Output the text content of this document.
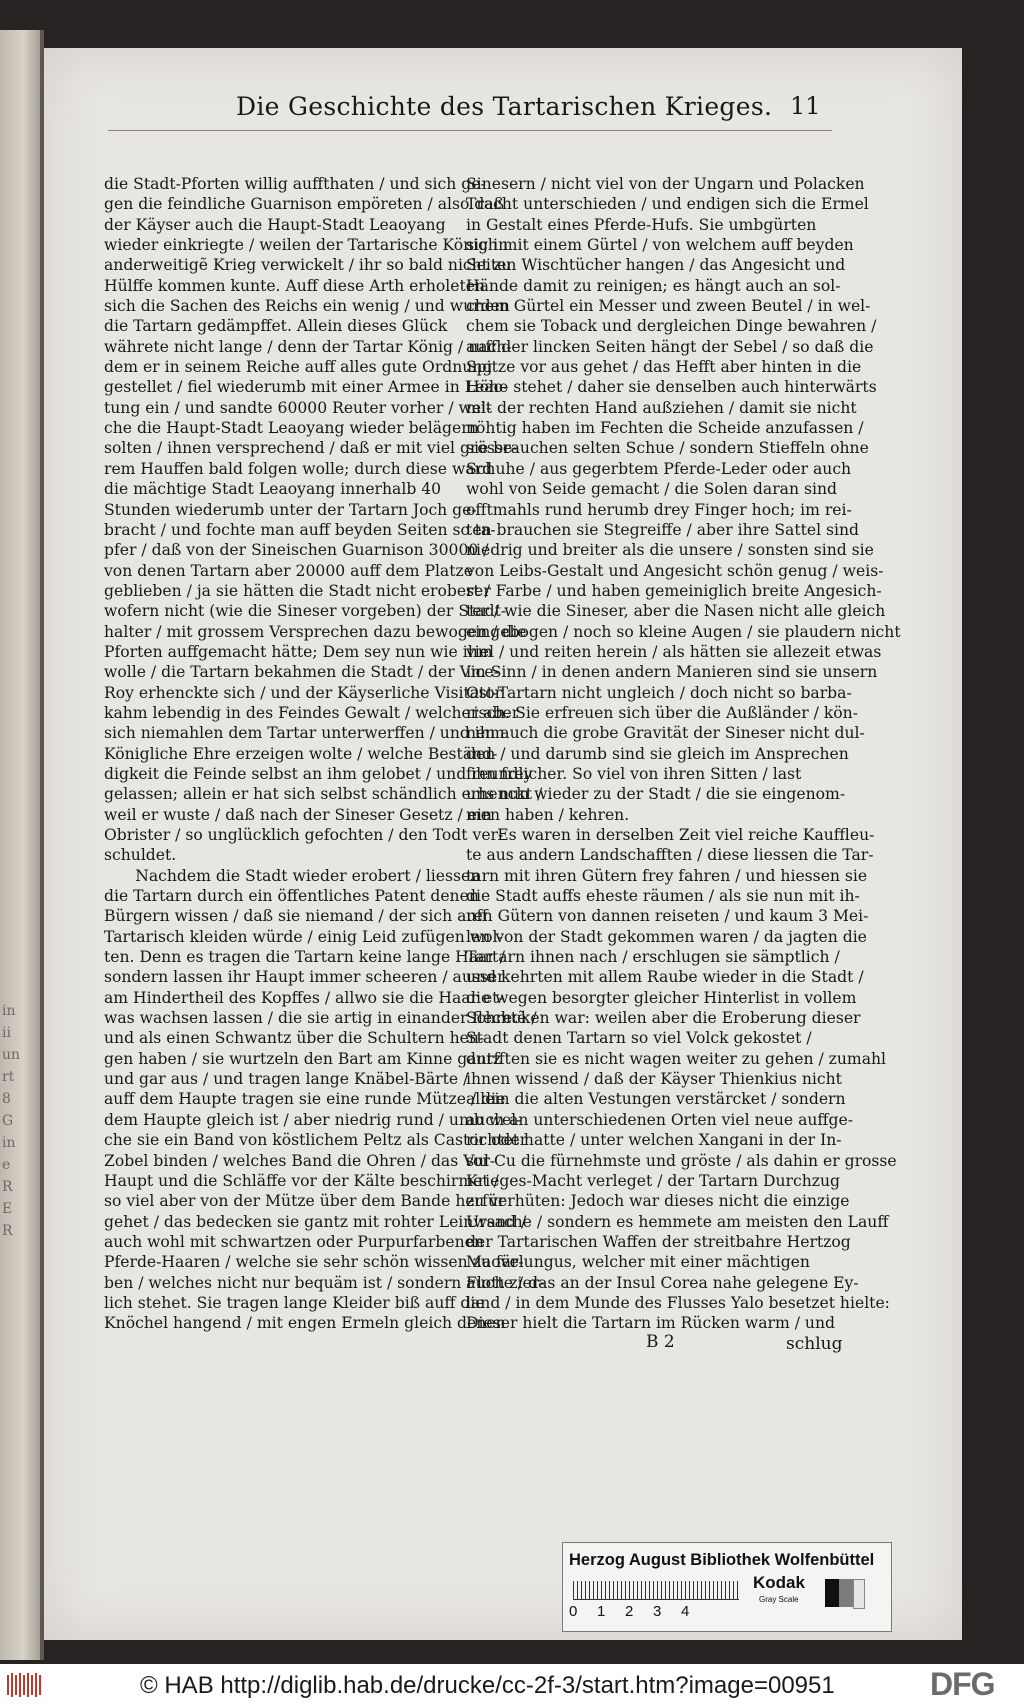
in
ii
un
rt
8
G
in
e
R
E
R
Die Geschichte des Tartarischen Krieges. 11
die Stadt-Pforten willig auffthaten / und sich ge-
gen die feindliche Guarnison empöreten / also daß
der Käyser auch die Haupt-Stadt Leaoyang
wieder einkriegte / weilen der Tartarische König in
anderweitigẽ Krieg verwickelt / ihr so bald nicht zu
Hülffe kommen kunte. Auff diese Arth erholeten
sich die Sachen des Reichs ein wenig / und wurden
die Tartarn gedämpffet. Allein dieses Glück
währete nicht lange / denn der Tartar König / nach-
dem er in seinem Reiche auff alles gute Ordnung
gestellet / fiel wiederumb mit einer Armee in Leao-
tung ein / und sandte 60000 Reuter vorher / wel-
che die Haupt-Stadt Leaoyang wieder belägern
solten / ihnen versprechend / daß er mit viel grösse-
rem Hauffen bald folgen wolle; durch diese ward
die mächtige Stadt Leaoyang innerhalb 40
Stunden wiederumb unter der Tartarn Joch ge-
bracht / und fochte man auff beyden Seiten so ta-
pfer / daß von der Sineischen Guarnison 30000 /
von denen Tartarn aber 20000 auff dem Platze
geblieben / ja sie hätten die Stadt nicht erobert /
wofern nicht (wie die Sineser vorgeben) der Stadt-
halter / mit grossem Versprechen dazu bewogen / die
Pforten auffgemacht hätte; Dem sey nun wie ihm
wolle / die Tartarn bekahmen die Stadt / der Vice-
Roy erhenckte sich / und der Käyserliche Visitator
kahm lebendig in des Feindes Gewalt / welcher aber
sich niemahlen dem Tartar unterwerffen / und ihm
Königliche Ehre erzeigen wolte / welche Beständ-
digkeit die Feinde selbst an ihm gelobet / und ihn frey
gelassen; allein er hat sich selbst schändlich erhenckt /
weil er wuste / daß nach der Sineser Gesetz / ein
Obrister / so unglücklich gefochten / den Todt ver-
schuldet.
  Nachdem die Stadt wieder erobert / liessen
die Tartarn durch ein öffentliches Patent denen
Bürgern wissen / daß sie niemand / der sich auff
Tartarisch kleiden würde / einig Leid zufügen wol-
ten. Denn es tragen die Tartarn keine lange Haar /
sondern lassen ihr Haupt immer scheeren / ausser
am Hindertheil des Kopffes / allwo sie die Haar et-
was wachsen lassen / die sie artig in einander flechtẽ /
und als einen Schwantz über die Schultern hen-
gen haben / sie wurtzeln den Bart am Kinne gantz
und gar aus / und tragen lange Knäbel-Bärte /
auff dem Haupte tragen sie eine runde Mütze / die
dem Haupte gleich ist / aber niedrig rund / umb wel-
che sie ein Band von köstlichem Peltz als Castor oder
Zobel binden / welches Band die Ohren / das Vor-
Haupt und die Schläffe vor der Kälte beschirmet /
so viel aber von der Mütze über dem Bande herfür
gehet / das bedecken sie gantz mit rohter Leinwand /
auch wohl mit schwartzen oder Purpurfarbenen
Pferde-Haaren / welche sie sehr schön wissen zu fär-
ben / welches nicht nur bequäm ist / sondern auch zier-
lich stehet. Sie tragen lange Kleider biß auff die
Knöchel hangend / mit engen Ermeln gleich denen
Sinesern / nicht viel von der Ungarn und Polacken
Tracht unterschieden / und endigen sich die Ermel
in Gestalt eines Pferde-Hufs. Sie umbgürten
sich mit einem Gürtel / von welchem auff beyden
Seiten Wischtücher hangen / das Angesicht und
Hände damit zu reinigen; es hängt auch an sol-
chem Gürtel ein Messer und zween Beutel / in wel-
chem sie Toback und dergleichen Dinge bewahren /
auff der lincken Seiten hängt der Sebel / so daß die
Spitze vor aus gehet / das Hefft aber hinten in die
Höhe stehet / daher sie denselben auch hinterwärts
mit der rechten Hand außziehen / damit sie nicht
nöhtig haben im Fechten die Scheide anzufassen /
sie brauchen selten Schue / sondern Stieffeln ohne
Schuhe / aus gegerbtem Pferde-Leder oder auch
wohl von Seide gemacht / die Solen daran sind
offtmahls rund herumb drey Finger hoch; im rei-
ten brauchen sie Stegreiffe / aber ihre Sattel sind
niedrig und breiter als die unsere / sonsten sind sie
von Leibs-Gestalt und Angesicht schön genug / weis-
ser Farbe / und haben gemeiniglich breite Angesich-
ter / wie die Sineser, aber die Nasen nicht alle gleich
eingebogen / noch so kleine Augen / sie plaudern nicht
viel / und reiten herein / als hätten sie allezeit etwas
im Sinn / in denen andern Manieren sind sie unsern
Ost-Tartarn nicht ungleich / doch nicht so barba-
risch. Sie erfreuen sich über die Außländer / kön-
nen auch die grobe Gravität der Sineser nicht dul-
den / und darumb sind sie gleich im Ansprechen
freundlicher. So viel von ihren Sitten / last
uns nun wieder zu der Stadt / die sie eingenom-
men haben / kehren.
  Es waren in derselben Zeit viel reiche Kauffleu-
te aus andern Landschafften / diese liessen die Tar-
tarn mit ihren Gütern frey fahren / und hiessen sie
die Stadt auffs eheste räumen / als sie nun mit ih-
ren Gütern von dannen reiseten / und kaum 3 Mei-
len von der Stadt gekommen waren / da jagten die
Tartarn ihnen nach / erschlugen sie sämptlich /
und kehrten mit allem Raube wieder in die Stadt /
die wegen besorgter gleicher Hinterlist in vollem
Schrecken war: weilen aber die Eroberung dieser
Stadt denen Tartarn so viel Volck gekostet /
durfften sie es nicht wagen weiter zu gehen / zumahl
ihnen wissend / daß der Käyser Thienkius nicht
allein die alten Vestungen verstärcket / sondern
auch an unterschiedenen Orten viel neue auffge-
richtet hatte / unter welchen Xangani in der In-
sul Cu die fürnehmste und gröste / als dahin er grosse
Krieges-Macht verleget / der Tartarn Durchzug
zu verhüten: Jedoch war dieses nicht die einzige
Ursache / sondern es hemmete am meisten den Lauff
der Tartarischen Waffen der streitbahre Hertzog
Maovelungus, welcher mit einer mächtigen
Flotte / das an der Insul Corea nahe gelegene Ey-
land / in dem Munde des Flusses Yalo besetzet hielte:
Dieser hielt die Tartarn im Rücken warm / und
B 2	schlug
Herzog August Bibliothek Wolfenbüttel
0	1	2	3	4
Kodak
Gray Scale
© HAB http://diglib.hab.de/drucke/cc-2f-3/start.htm?image=00951	DFG
